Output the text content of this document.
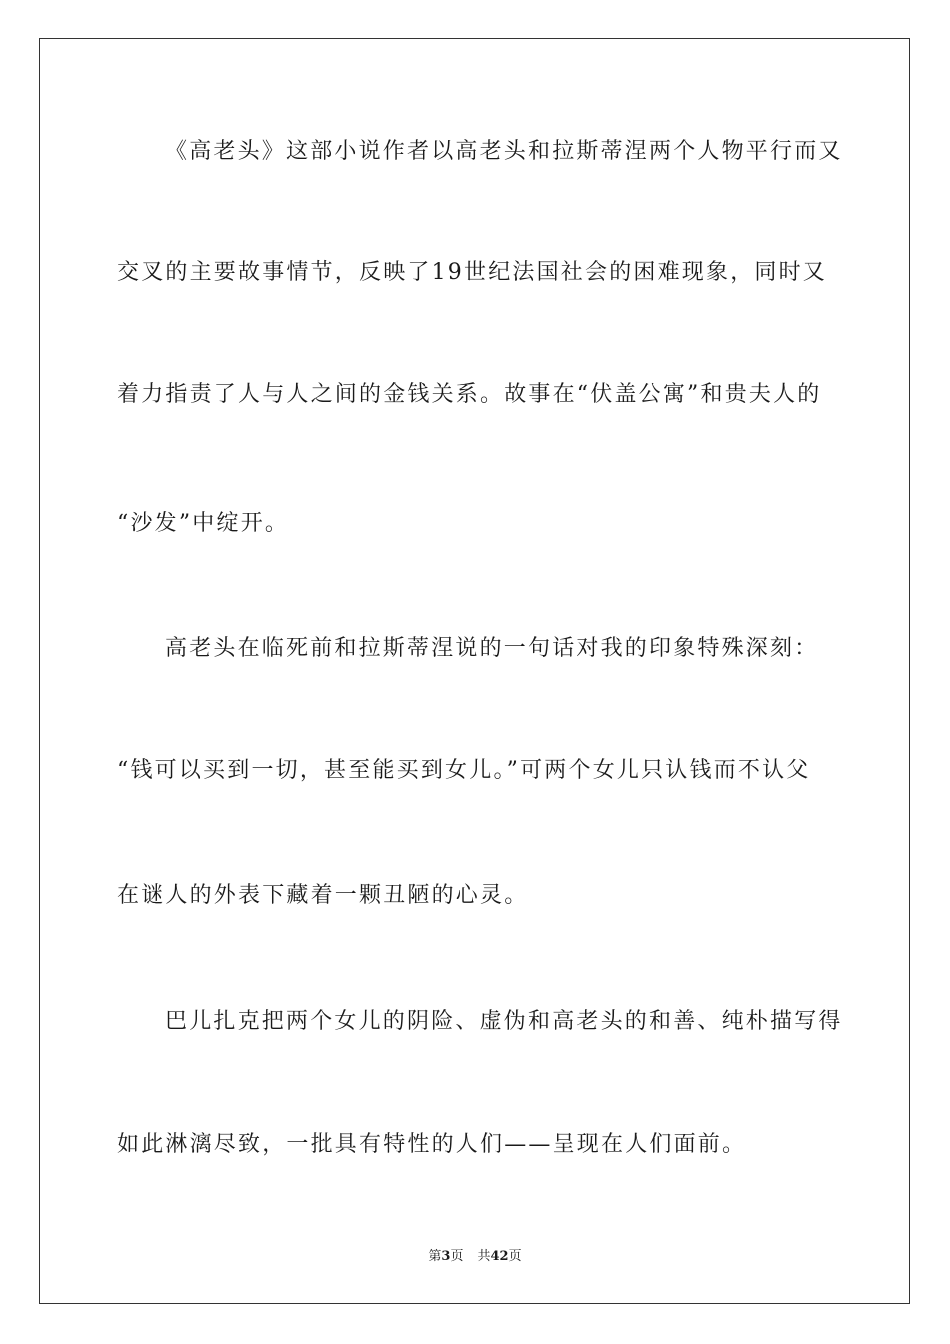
《高老头》这部小说作者以高老头和拉斯蒂涅两个人物平行而又
交叉的主要故事情节，反映了19世纪法国社会的困难现象，同时又
着力指责了人与人之间的金钱关系。故事在“伏盖公寓”和贵夫人的
“沙发”中绽开。
高老头在临死前和拉斯蒂涅说的一句话对我的印象特殊深刻：
“钱可以买到一切，甚至能买到女儿。”可两个女儿只认钱而不认父
在谜人的外表下藏着一颗丑陋的心灵。
巴儿扎克把两个女儿的阴险、虚伪和高老头的和善、纯朴描写得
如此淋漓尽致，一批具有特性的人们——呈现在人们面前。
第3页 共42页
